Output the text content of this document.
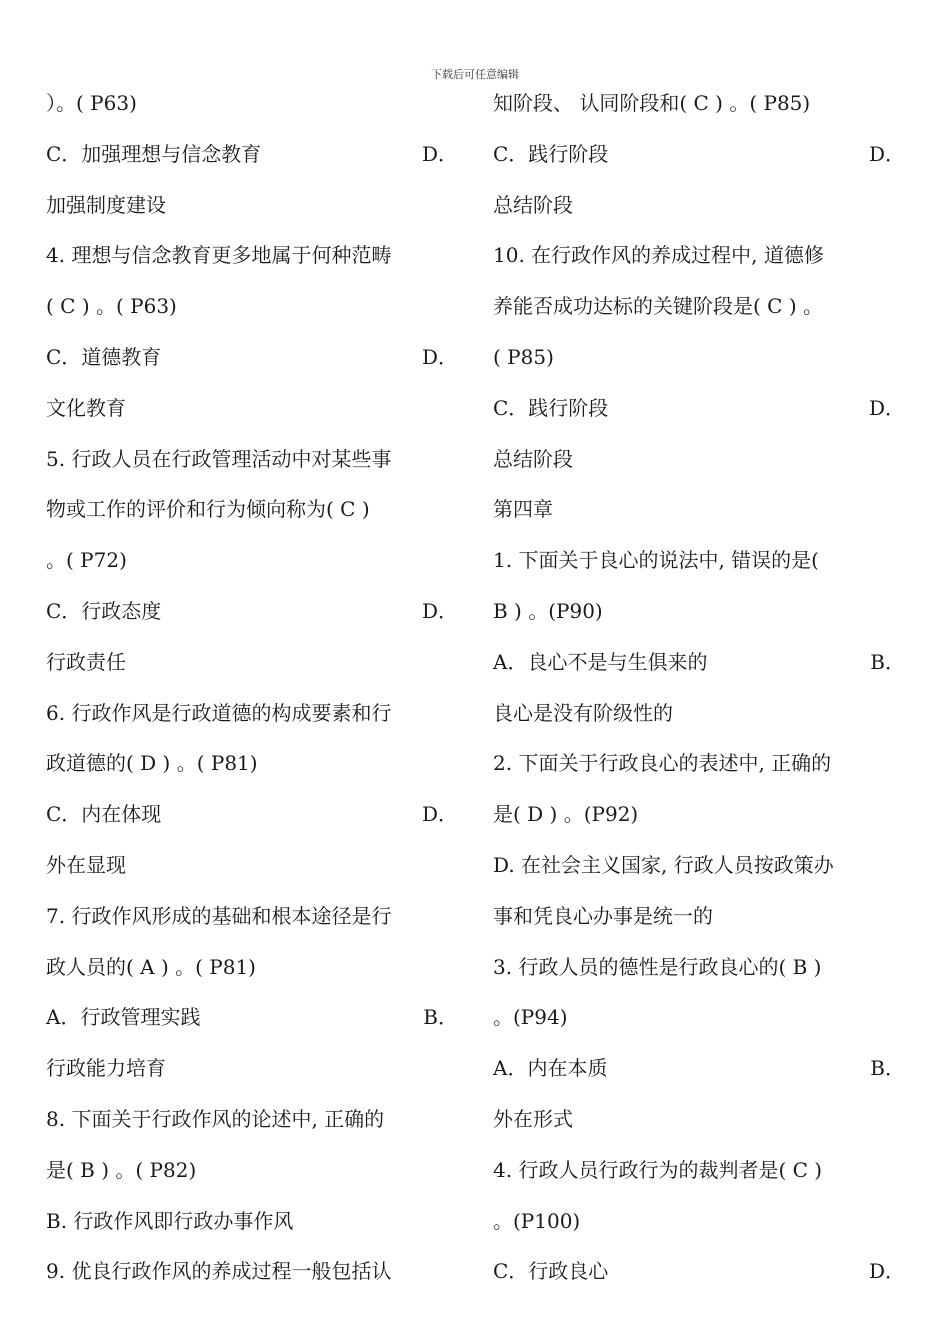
下载后可任意编辑
）。( P63)
C．加强理想与信念教育	D．
加强制度建设
4. 理想与信念教育更多地属于何种范畴
( C ) 。( P63)
C．道德教育	D．
文化教育
5. 行政人员在行政管理活动中对某些事
物或工作的评价和行为倾向称为( C )
。( P72)
C．行政态度	D．
行政责任
6. 行政作风是行政道德的构成要素和行
政道德的( D ) 。( P81)
C．内在体现	D．
外在显现
7. 行政作风形成的基础和根本途径是行
政人员的( A ) 。( P81)
A．行政管理实践	B．
行政能力培育
8. 下面关于行政作风的论述中, 正确的
是( B ) 。( P82)
B. 行政作风即行政办事作风
9. 优良行政作风的养成过程一般包括认
知阶段、 认同阶段和( C ) 。( P85)
C．践行阶段	D．
总结阶段
10. 在行政作风的养成过程中, 道德修
养能否成功达标的关键阶段是( C ) 。
( P85)
C．践行阶段	D．
总结阶段
第四章
1. 下面关于良心的说法中, 错误的是(
B ) 。(P90)
A．良心不是与生俱来的	B．
良心是没有阶级性的
2. 下面关于行政良心的表述中, 正确的
是( D ) 。(P92)
D. 在社会主义国家, 行政人员按政策办
事和凭良心办事是统一的
3. 行政人员的德性是行政良心的( B )
。(P94)
A．内在本质	B．
外在形式
4. 行政人员行政行为的裁判者是( C )
。(P100)
C．行政良心	D．
